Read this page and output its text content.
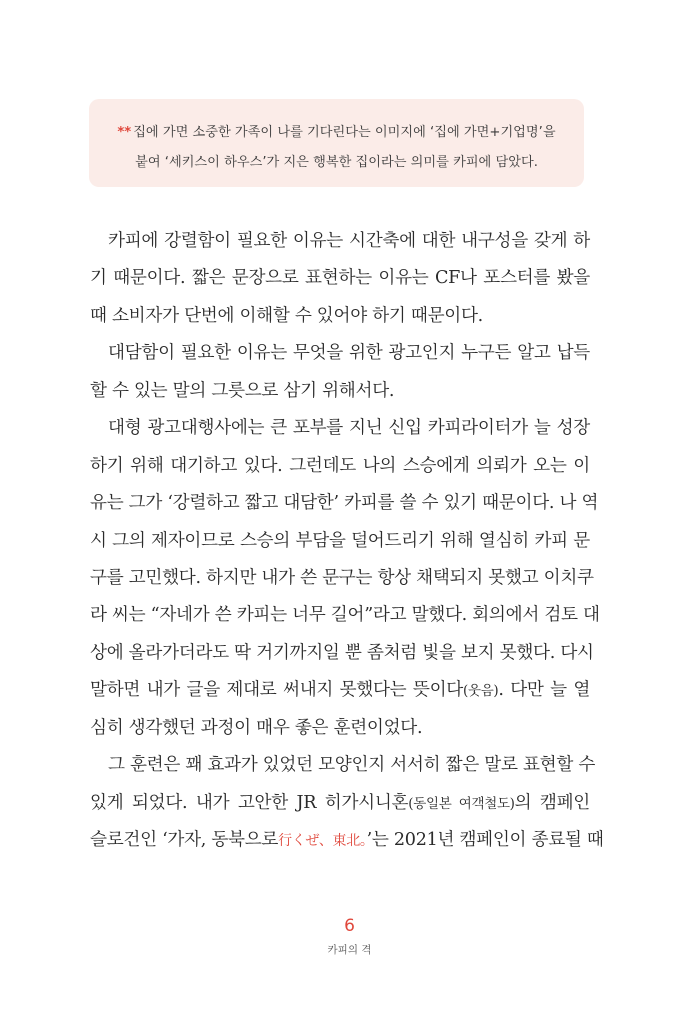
** 집에 가면 소중한 가족이 나를 기다린다는 이미지에 ‘집에 가면+기업명’을
붙여 ‘세키스이 하우스’가 지은 행복한 집이라는 의미를 카피에 담았다.
카피에 강렬함이 필요한 이유는 시간축에 대한 내구성을 갖게 하
기 때문이다. 짧은 문장으로 표현하는 이유는 CF나 포스터를 봤을
때 소비자가 단번에 이해할 수 있어야 하기 때문이다.
대담함이 필요한 이유는 무엇을 위한 광고인지 누구든 알고 납득
할 수 있는 말의 그릇으로 삼기 위해서다.
대형 광고대행사에는 큰 포부를 지닌 신입 카피라이터가 늘 성장
하기 위해 대기하고 있다. 그런데도 나의 스승에게 의뢰가 오는 이
유는 그가 ‘강렬하고 짧고 대담한’ 카피를 쓸 수 있기 때문이다. 나 역
시 그의 제자이므로 스승의 부담을 덜어드리기 위해 열심히 카피 문
구를 고민했다. 하지만 내가 쓴 문구는 항상 채택되지 못했고 이치쿠
라 씨는 “자네가 쓴 카피는 너무 길어”라고 말했다. 회의에서 검토 대
상에 올라가더라도 딱 거기까지일 뿐 좀처럼 빛을 보지 못했다. 다시
말하면 내가 글을 제대로 써내지 못했다는 뜻이다(웃음). 다만 늘 열
심히 생각했던 과정이 매우 좋은 훈련이었다.
그 훈련은 꽤 효과가 있었던 모양인지 서서히 짧은 말로 표현할 수
있게 되었다. 내가 고안한 JR 히가시니혼(동일본 여객철도)의 캠페인
슬로건인 ‘가자, 동북으로行くぜ、東北。’는 2021년 캠페인이 종료될 때
6
카피의 격
